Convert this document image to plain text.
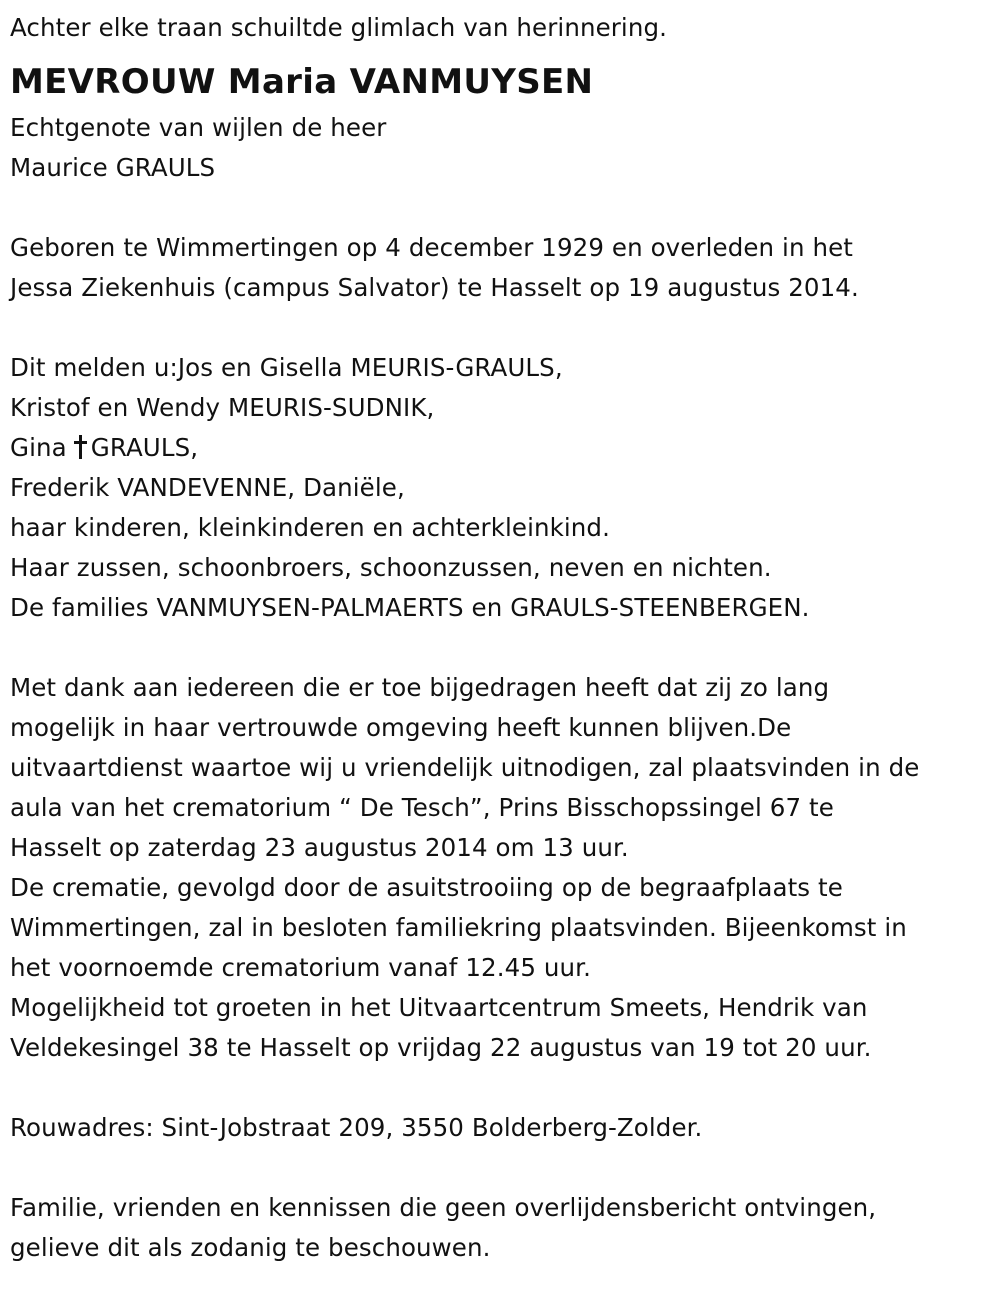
Achter elke traan schuiltde glimlach van herinnering.
MEVROUW Maria VANMUYSEN
Echtgenote van wijlen de heer
Maurice GRAULS
Geboren te Wimmertingen op 4 december 1929 en overleden in het
Jessa Ziekenhuis (campus Salvator) te Hasselt op 19 augustus 2014.
Dit melden u:Jos en Gisella MEURIS-GRAULS,
Kristof en Wendy MEURIS-SUDNIK,
Gina GRAULS,
Frederik VANDEVENNE, Daniële,
haar kinderen, kleinkinderen en achterkleinkind.
Haar zussen, schoonbroers, schoonzussen, neven en nichten.
De families VANMUYSEN-PALMAERTS en GRAULS-STEENBERGEN.
Met dank aan iedereen die er toe bijgedragen heeft dat zij zo lang
mogelijk in haar vertrouwde omgeving heeft kunnen blijven.De
uitvaartdienst waartoe wij u vriendelijk uitnodigen, zal plaatsvinden in de
aula van het crematorium “ De Tesch”, Prins Bisschopssingel 67 te
Hasselt op zaterdag 23 augustus 2014 om 13 uur.
De crematie, gevolgd door de asuitstrooiing op de begraafplaats te
Wimmertingen, zal in besloten familiekring plaatsvinden. Bijeenkomst in
het voornoemde crematorium vanaf 12.45 uur.
Mogelijkheid tot groeten in het Uitvaartcentrum Smeets, Hendrik van
Veldekesingel 38 te Hasselt op vrijdag 22 augustus van 19 tot 20 uur.
Rouwadres: Sint-Jobstraat 209, 3550 Bolderberg-Zolder.
Familie, vrienden en kennissen die geen overlijdensbericht ontvingen,
gelieve dit als zodanig te beschouwen.
